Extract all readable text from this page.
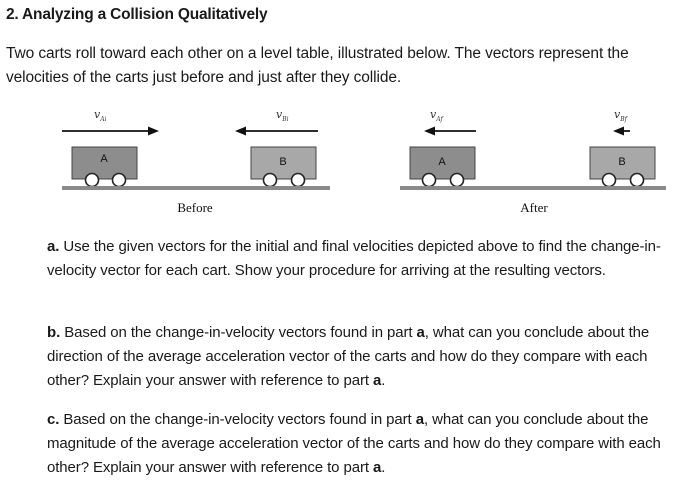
2. Analyzing a Collision Qualitatively
Two carts roll toward each other on a level table, illustrated below. The vectors represent the velocities of the carts just before and just after they collide.
$v_{Ai}$	$v_{Bi}$
A	B
Before
$v_{Af}$	$v_{Bf}$
A	B
After
a. Use the given vectors for the initial and final velocities depicted above to find the change-in-velocity vector for each cart. Show your procedure for arriving at the resulting vectors.
b. Based on the change-in-velocity vectors found in part a, what can you conclude about the direction of the average acceleration vector of the carts and how do they compare with each other? Explain your answer with reference to part a.
c. Based on the change-in-velocity vectors found in part a, what can you conclude about the magnitude of the average acceleration vector of the carts and how do they compare with each other? Explain your answer with reference to part a.
